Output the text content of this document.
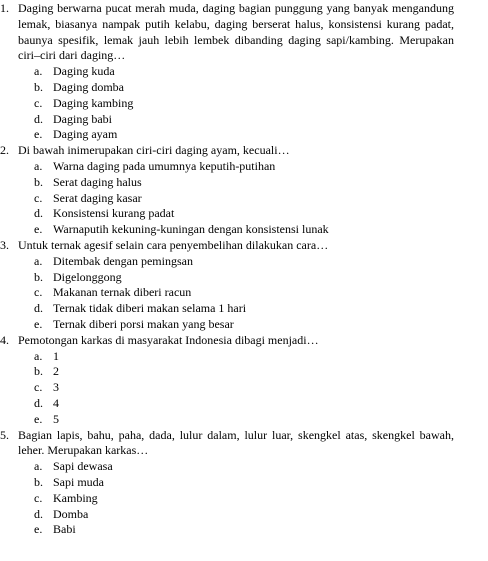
1. Daging berwarna pucat merah muda, daging bagian punggung yang banyak mengandung lemak, biasanya nampak putih kelabu, daging berserat halus, konsistensi kurang padat, baunya spesifik, lemak jauh lebih lembek dibanding daging sapi/kambing. Merupakan ciri–ciri dari daging…
a. Daging kuda
b. Daging domba
c. Daging kambing
d. Daging babi
e. Daging ayam
2. Di bawah inimerupakan ciri-ciri daging ayam, kecuali…
a. Warna daging pada umumnya keputih-putihan
b. Serat daging halus
c. Serat daging kasar
d. Konsistensi kurang padat
e. Warnaputih kekuning-kuningan dengan konsistensi lunak
3. Untuk ternak agesif selain cara penyembelihan dilakukan cara…
a. Ditembak dengan pemingsan
b. Digelonggong
c. Makanan ternak diberi racun
d. Ternak tidak diberi makan selama 1 hari
e. Ternak diberi porsi makan yang besar
4. Pemotongan karkas di masyarakat Indonesia dibagi menjadi…
a. 1
b. 2
c. 3
d. 4
e. 5
5. Bagian lapis, bahu, paha, dada, lulur dalam, lulur luar, skengkel atas, skengkel bawah, leher. Merupakan karkas…
a. Sapi dewasa
b. Sapi muda
c. Kambing
d. Domba
e. Babi
